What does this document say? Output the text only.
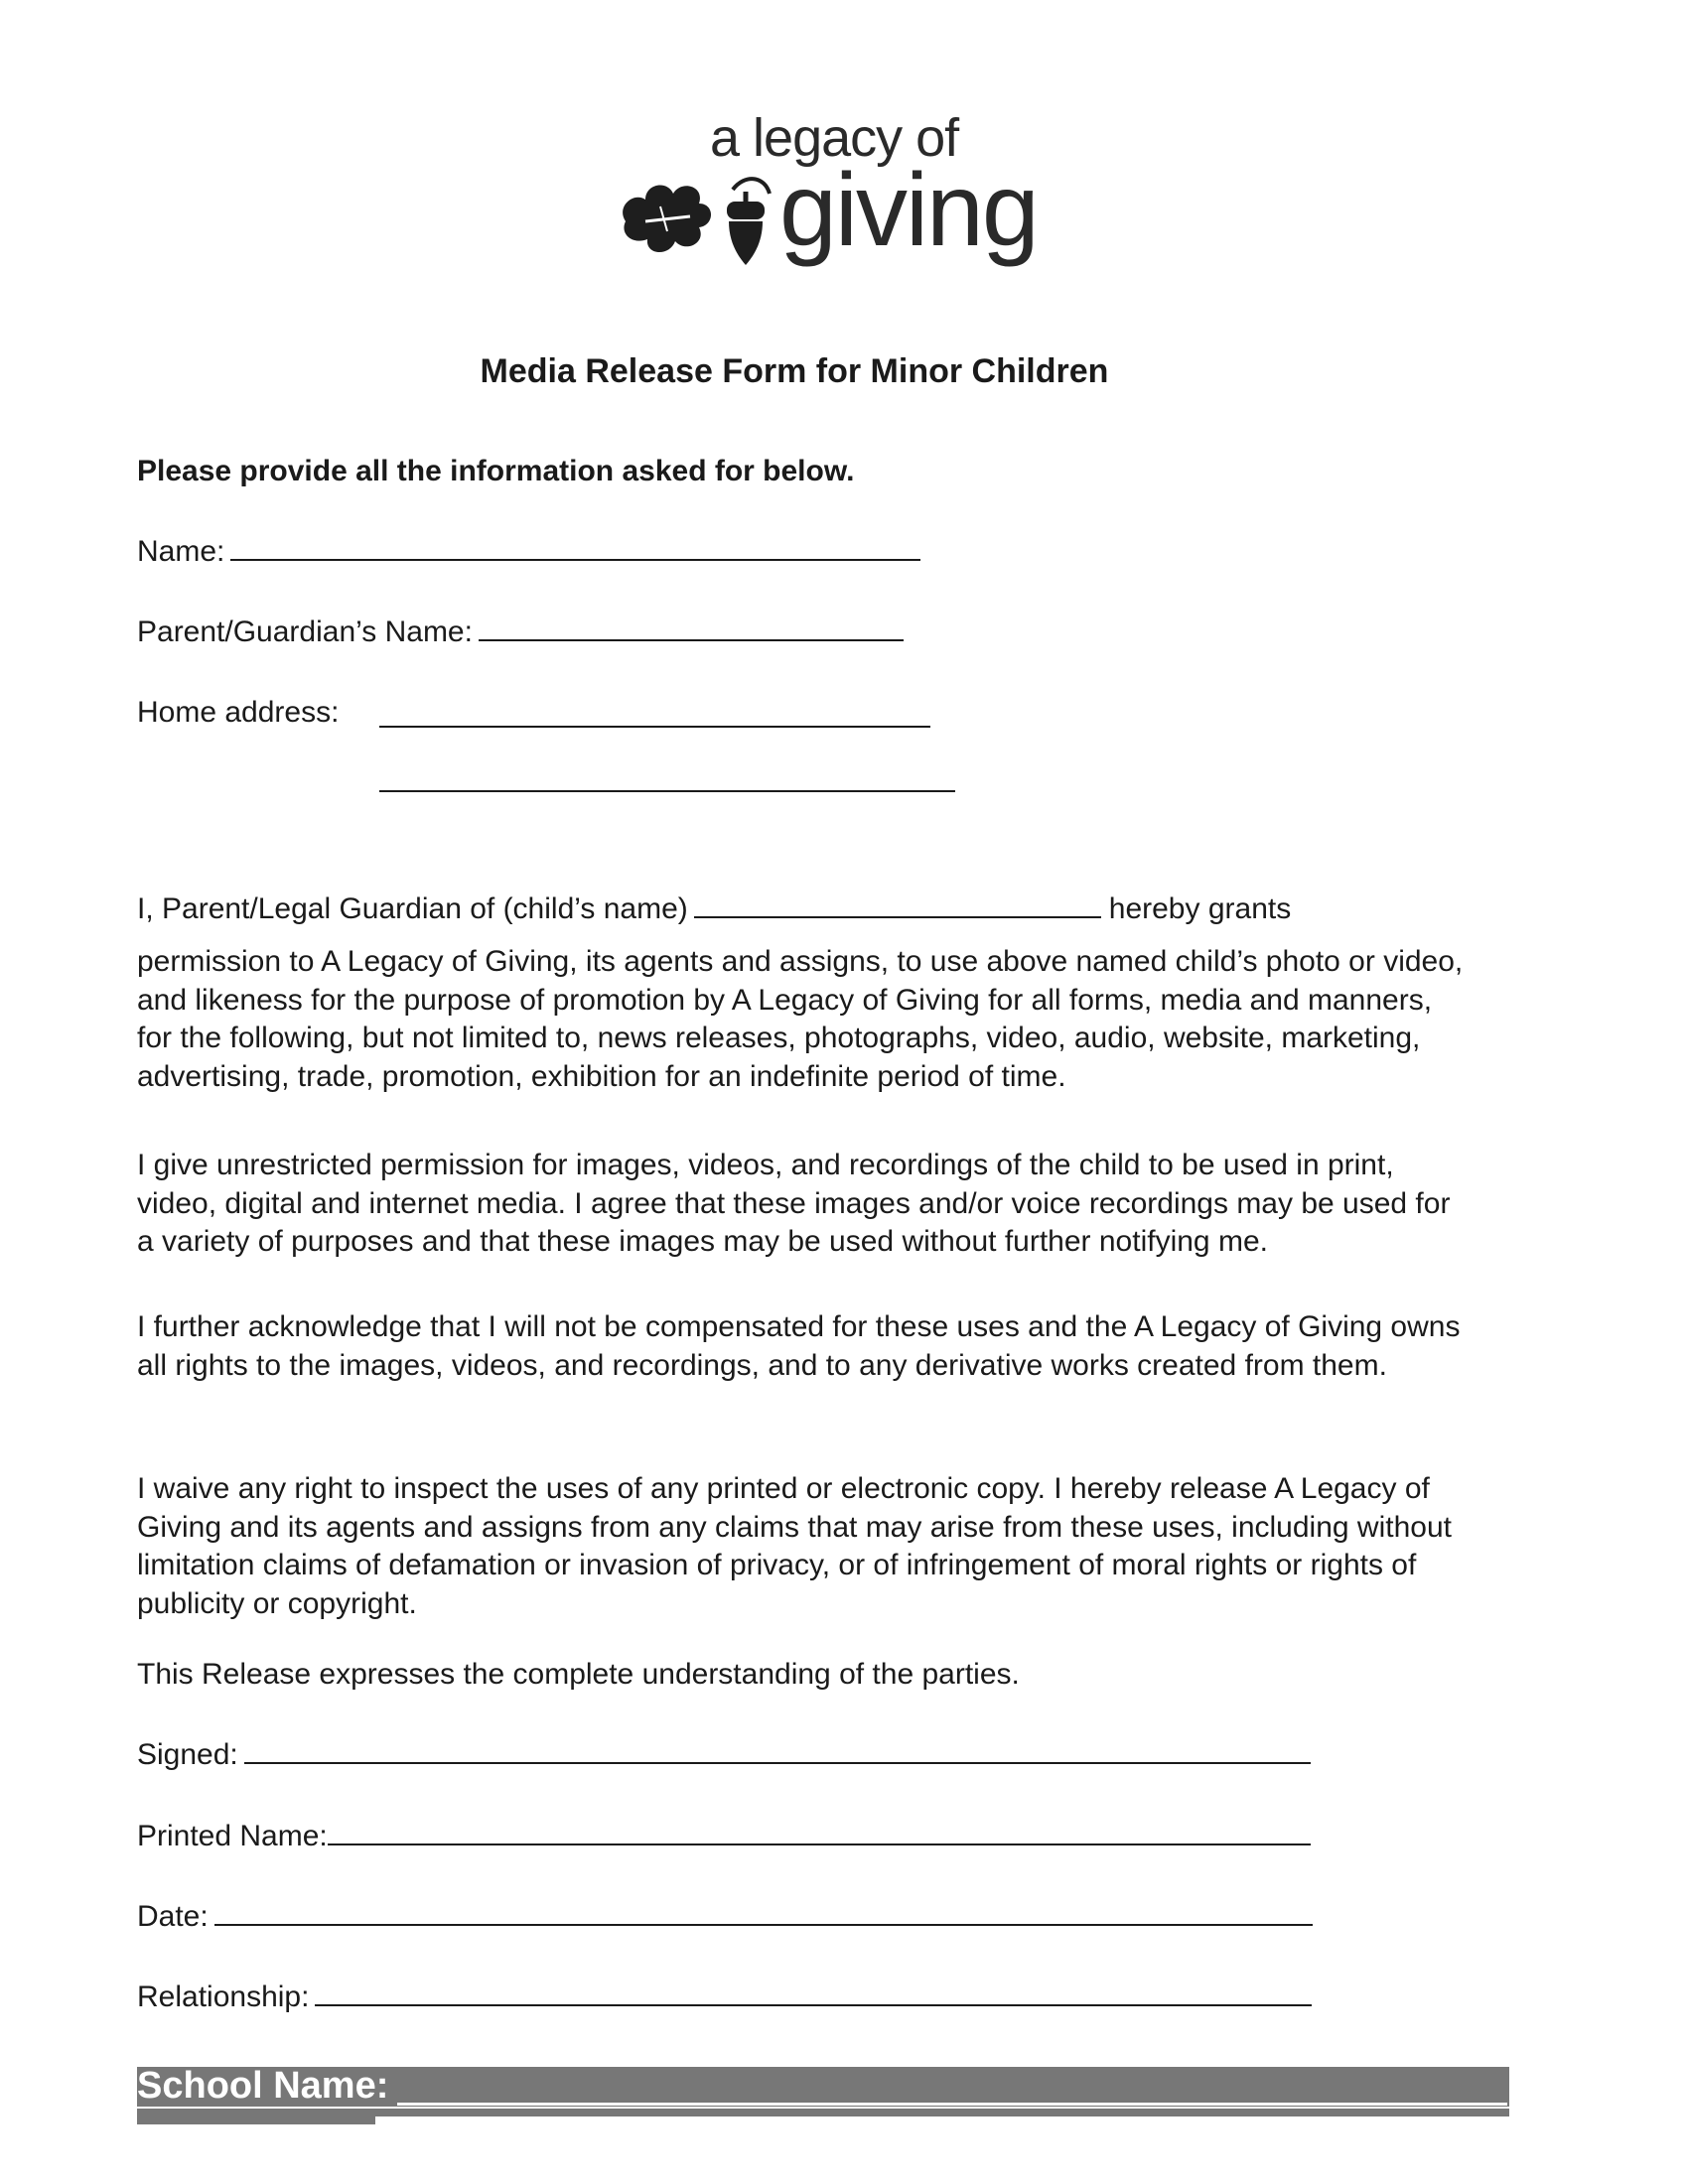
a legacy of
giving
Media Release Form for Minor Children

Please provide all the information asked for below.

Name:

Parent/Guardian’s Name:

Home address:

I, Parent/Legal Guardian of (child’s name)	hereby grants

permission to A Legacy of Giving, its agents and assigns, to use above named child’s photo or video, and likeness for the purpose of promotion by A Legacy of Giving for all forms, media and manners, for the following, but not limited to, news releases, photographs, video, audio, website, marketing, advertising, trade, promotion, exhibition for an indefinite period of time.

I give unrestricted permission for images, videos, and recordings of the child to be used in print, video, digital and internet media. I agree that these images and/or voice recordings may be used for a variety of purposes and that these images may be used without further notifying me.

I further acknowledge that I will not be compensated for these uses and the A Legacy of Giving owns all rights to the images, videos, and recordings, and to any derivative works created from them.

I waive any right to inspect the uses of any printed or electronic copy. I hereby release A Legacy of Giving and its agents and assigns from any claims that may arise from these uses, including without limitation claims of defamation or invasion of privacy, or of infringement of moral rights or rights of publicity or copyright.

This Release expresses the complete understanding of the parties.

Signed:

Printed Name:

Date:

Relationship:

School Name:
